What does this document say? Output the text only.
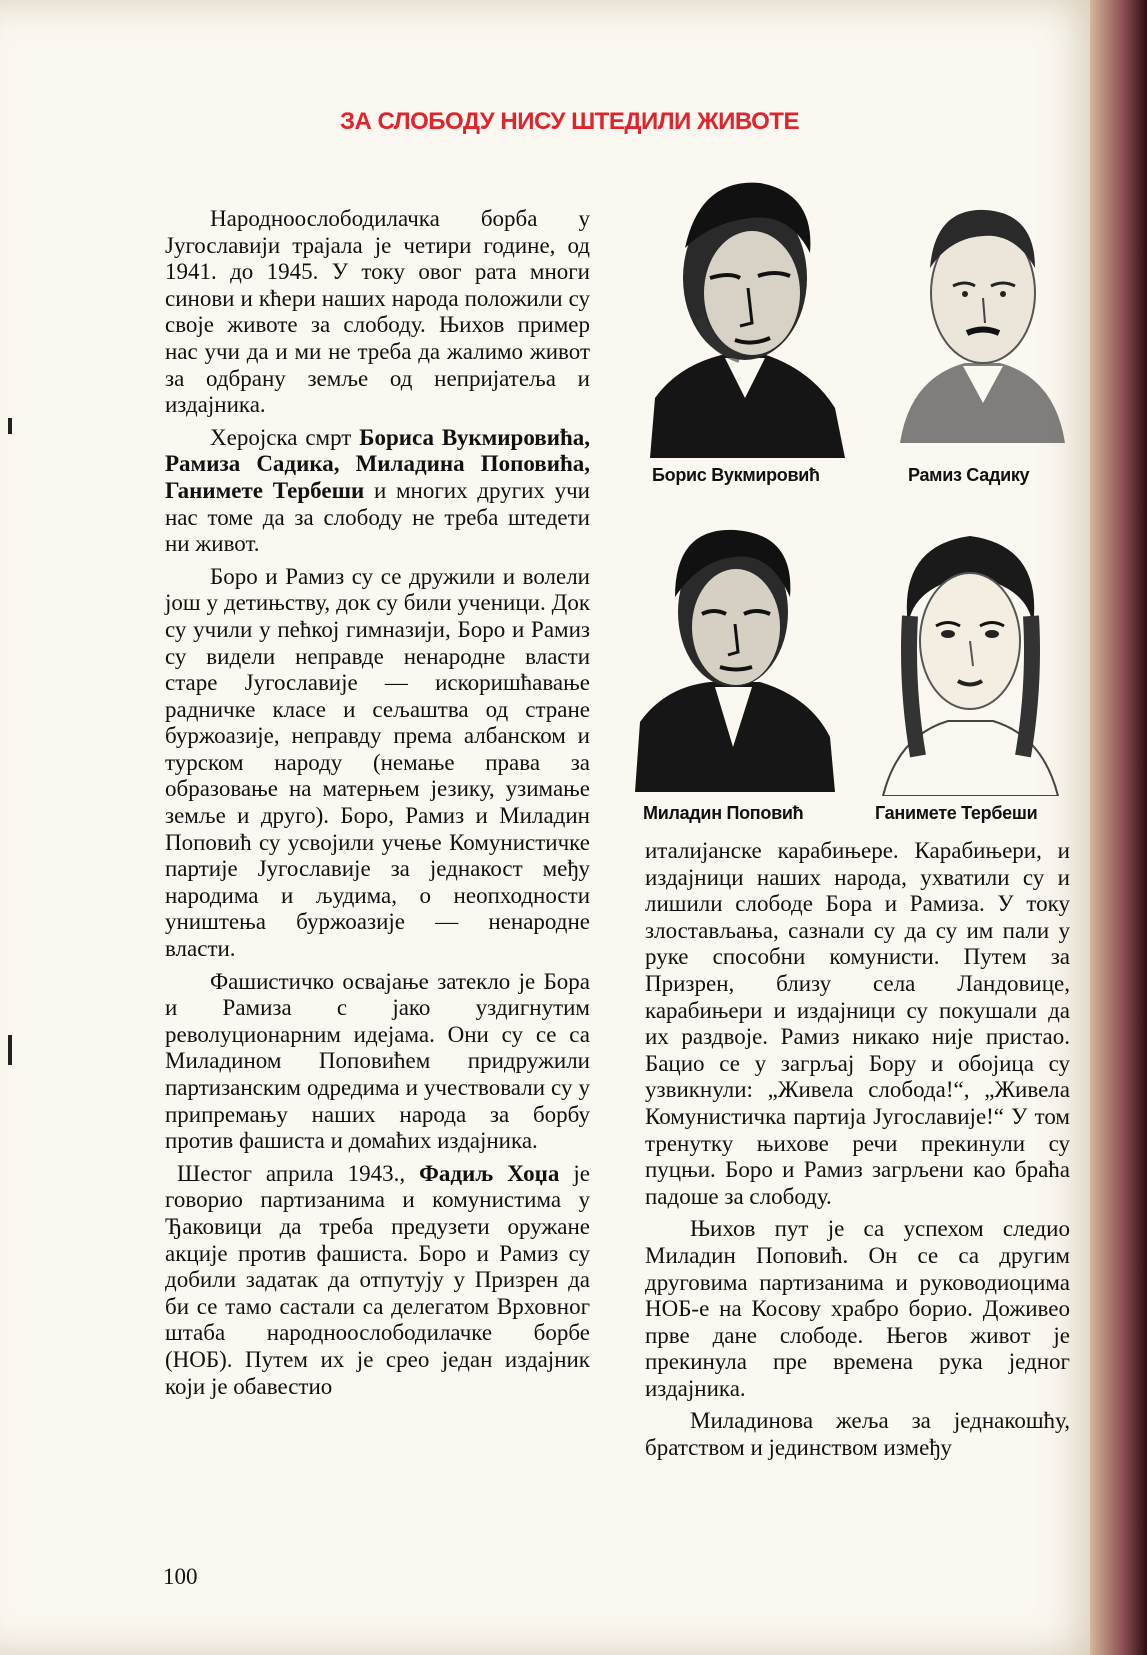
ЗА СЛОБОДУ НИСУ ШТЕДИЛИ ЖИВОТЕ

Народноослободилачка борба у Југославији трајала је четири године, од 1941. до 1945. У току овог рата многи синови и кћери наших народа положили су своје животе за слободу. Њихов пример нас учи да и ми не треба да жалимо живот за одбрану земље од непријатеља и издајника.

Херојска смрт Бориса Вукмировића, Рамиза Садика, Миладина Поповића, Ганимете Тербеши и многих других учи нас томе да за слободу не треба штедети ни живот.

Боро и Рамиз су се дружили и волели још у детињству, док су били ученици. Док су учили у пећкој гимназији, Боро и Рамиз су видели неправде ненародне власти старе Југославије — искоришћавање радничке класе и сељаштва од стране буржоазије, неправду према албанском и турском народу (немање права за образовање на матерњем језику, узимање земље и друго). Боро, Рамиз и Миладин Поповић су усвојили учење Комунистичке партије Југославије за једнакост међу народима и људима, о неопходности уништења буржоазије — ненародне власти.

Фашистичко освајање затекло је Бора и Рамиза с јако уздигнутим револуционарним идејама. Они су се са Миладином Поповићем придружили партизанским одредима и учествовали су у припремању наших народа за борбу против фашиста и домаћих издајника.

Шестог априла 1943., Фадиљ Хоџа је говорио партизанима и комунистима у Ђаковици да треба предузети оружане акције против фашиста. Боро и Рамиз су добили задатак да отпутују у Призрен да би се тамо састали са делегатом Врховног штаба народноослободилачке борбе (НОБ). Путем их је срео један издајник који је обавестио

Борис Вукмировић	Рамиз Садику
Миладин Поповић	Ганимете Тербеши

италијанске карабињере. Карабињери, и издајници наших народа, ухватили су и лишили слободе Бора и Рамиза. У току злостављања, сазнали су да су им пали у руке способни комунисти. Путем за Призрен, близу села Ландовице, карабињери и издајници су покушали да их раздвоје. Рамиз никако није пристао. Бацио се у загрљај Бору и обојица су узвикнули: „Живела слобода!“, „Живела Комунистичка партија Југославије!“ У том тренутку њихове речи прекинули су пуцњи. Боро и Рамиз загрљени као браћа падоше за слободу.

Њихов пут је са успехом следио Миладин Поповић. Он се са другим друговима партизанима и руководиоцима НОБ-е на Косову храбро борио. Доживео прве дане слободе. Његов живот је прекинула пре времена рука једног издајника.

Миладинова жеља за једнакошћу, братством и јединством између

100
